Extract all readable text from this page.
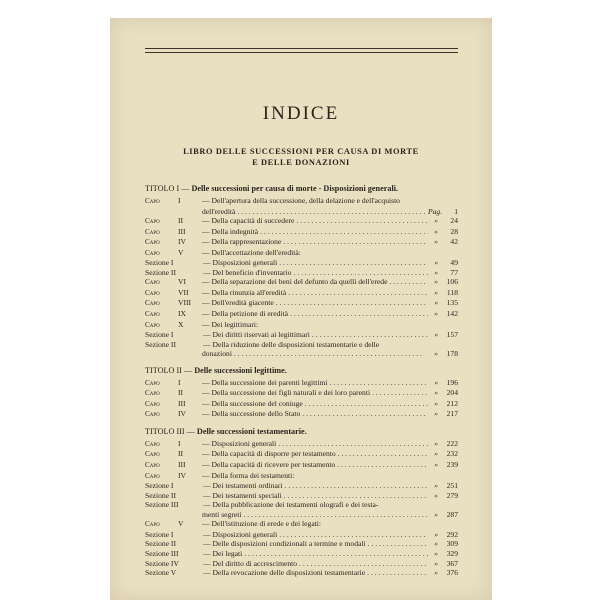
INDICE
LIBRO DELLE SUCCESSIONI PER CAUSA DI MORTE
E DELLE DONAZIONI
TITOLO I — Delle successioni per causa di morte - Disposizioni generali.
Capo	I	— Dell'apertura della successione, della delazione e dell'acquisto
dell'eredità . . .	Pag.	1
Capo	II	— Della capacità di succedere . . .	»	24
Capo	III	— Della indegnità . . .	»	28
Capo	IV	— Della rappresentazione . . .	»	42
Capo	V	— Dell'accettazione dell'eredità:
Sezione I	— Disposizioni generali . . .	»	49
Sezione II	— Del beneficio d'inventario . . .	»	77
Capo	VI	— Della separazione dei beni del defunto da quelli dell'erede . . .	»	106
Capo	VII	— Della rinunzia all'eredità . . .	»	118
Capo	VIII	— Dell'eredità giacente . . .	»	135
Capo	IX	— Della petizione di eredità . . .	»	142
Capo	X	— Dei legittimari:
Sezione I	— Dei diritti riservati ai legittimari . . .	»	157
Sezione II	— Della riduzione delle disposizioni testamentarie e delle
donazioni . . .	»	178
TITOLO II — Delle successioni legittime.
Capo	I	— Della successione dei parenti legittimi . . .	»	196
Capo	II	— Della successione dei figli naturali e dei loro parenti . . .	»	204
Capo	III	— Della successione del coniuge . . .	»	212
Capo	IV	— Della successione dello Stato . . .	»	217
TITOLO III — Delle successioni testamentarie.
Capo	I	— Disposizioni generali . . .	»	222
Capo	II	— Della capacità di disporre per testamento . . .	»	232
Capo	III	— Della capacità di ricevere per testamento . . .	»	239
Capo	IV	— Della forma dei testamenti:
Sezione I	— Dei testamenti ordinari . . .	»	251
Sezione II	— Dei testamenti speciali . . .	»	279
Sezione III	— Della pubblicazione dei testamenti olografi e dei testa-
menti segreti . . .	»	287
Capo	V	— Dell'istituzione di erede e dei legati:
Sezione I	— Disposizioni generali . . .	»	292
Sezione II	— Delle disposizioni condizionali a termine e modali . . .	»	309
Sezione III	— Dei legati . . .	»	329
Sezione IV	— Del diritto di accrescimento . . .	»	367
Sezione V	— Della revocazione delle disposizioni testamentarie . . .	»	376
